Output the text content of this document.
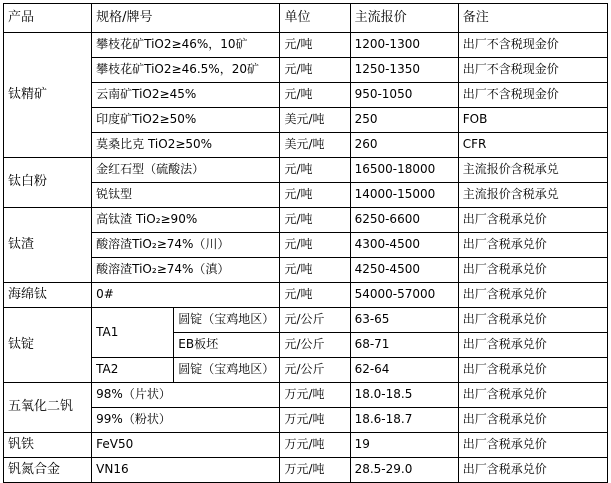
产品	规格/牌号		单位	主流报价	备注
钛精矿	攀枝花矿TiO2≥46%，10矿		元/吨	1200-1300	出厂不含税现金价
	攀枝花矿TiO2≥46.5%，20矿		元/吨	1250-1350	出厂不含税现金价
	云南矿TiO2≥45%		元/吨	950-1050	出厂不含税现金价
	印度矿TiO2≥50%		美元/吨	250	FOB
	莫桑比克 TiO2≥50%		美元/吨	260	CFR
钛白粉	金红石型（硫酸法）		元/吨	16500-18000	主流报价含税承兑
	锐钛型		元/吨	14000-15000	主流报价含税承兑
钛渣	高钛渣 TiO₂≥90%		元/吨	6250-6600	出厂含税承兑价
	酸溶渣TiO₂≥74%（川）		元/吨	4300-4500	出厂含税承兑价
	酸溶渣TiO₂≥74%（滇）		元/吨	4250-4500	出厂含税承兑价
海绵钛	0#		元/吨	54000-57000	出厂含税承兑价
钛锭	TA1	圆锭（宝鸡地区）	元/公斤	63-65	出厂含税承兑价
		EB板坯	元/公斤	68-71	出厂含税承兑价
	TA2	圆锭（宝鸡地区）	元/公斤	62-64	出厂含税承兑价
五氧化二钒	98%（片状）		万元/吨	18.0-18.5	出厂含税承兑价
	99%（粉状）		万元/吨	18.6-18.7	出厂含税承兑价
钒铁	FeV50		万元/吨	19	出厂含税承兑价
钒氮合金	VN16		万元/吨	28.5-29.0	出厂含税承兑价
